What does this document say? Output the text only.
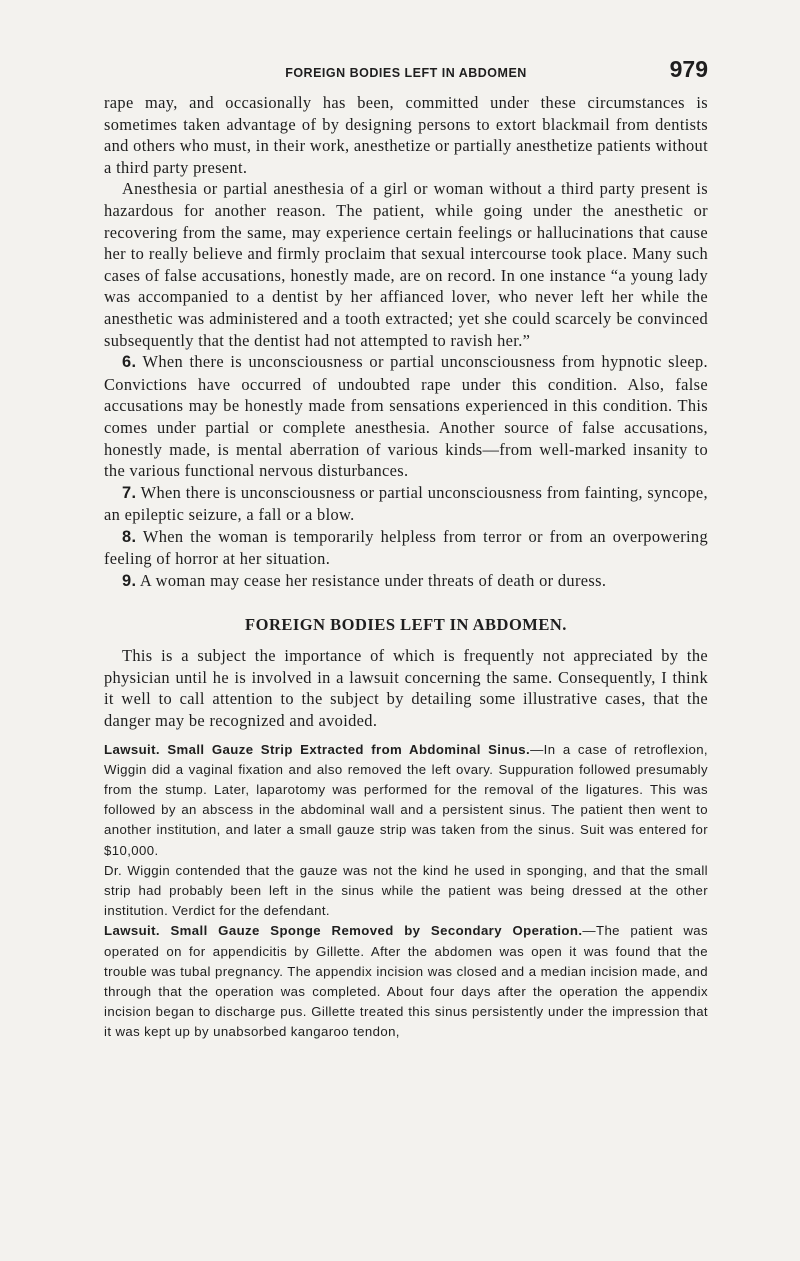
FOREIGN BODIES LEFT IN ABDOMEN	979

rape may, and occasionally has been, committed under these circumstances is sometimes taken advantage of by designing persons to extort blackmail from dentists and others who must, in their work, anesthetize or partially anesthetize patients without a third party present.

Anesthesia or partial anesthesia of a girl or woman without a third party present is hazardous for another reason. The patient, while going under the anesthetic or recovering from the same, may experience certain feelings or hallucinations that cause her to really believe and firmly proclaim that sexual intercourse took place. Many such cases of false accusations, honestly made, are on record. In one instance “a young lady was accompanied to a dentist by her affianced lover, who never left her while the anesthetic was administered and a tooth extracted; yet she could scarcely be convinced subsequently that the dentist had not attempted to ravish her.”

6. When there is unconsciousness or partial unconsciousness from hypnotic sleep. Convictions have occurred of undoubted rape under this condition. Also, false accusations may be honestly made from sensations experienced in this condition. This comes under partial or complete anesthesia. Another source of false accusations, honestly made, is mental aberration of various kinds—from well-marked insanity to the various functional nervous disturbances.

7. When there is unconsciousness or partial unconsciousness from fainting, syncope, an epileptic seizure, a fall or a blow.

8. When the woman is temporarily helpless from terror or from an overpowering feeling of horror at her situation.

9. A woman may cease her resistance under threats of death or duress.

FOREIGN BODIES LEFT IN ABDOMEN.

This is a subject the importance of which is frequently not appreciated by the physician until he is involved in a lawsuit concerning the same. Consequently, I think it well to call attention to the subject by detailing some illustrative cases, that the danger may be recognized and avoided.

Lawsuit. Small Gauze Strip Extracted from Abdominal Sinus.—In a case of retroflexion, Wiggin did a vaginal fixation and also removed the left ovary. Suppuration followed presumably from the stump. Later, laparotomy was performed for the removal of the ligatures. This was followed by an abscess in the abdominal wall and a persistent sinus. The patient then went to another institution, and later a small gauze strip was taken from the sinus. Suit was entered for $10,000.

Dr. Wiggin contended that the gauze was not the kind he used in sponging, and that the small strip had probably been left in the sinus while the patient was being dressed at the other institution. Verdict for the defendant.

Lawsuit. Small Gauze Sponge Removed by Secondary Operation.—The patient was operated on for appendicitis by Gillette. After the abdomen was open it was found that the trouble was tubal pregnancy. The appendix incision was closed and a median incision made, and through that the operation was completed. About four days after the operation the appendix incision began to discharge pus. Gillette treated this sinus persistently under the impression that it was kept up by unabsorbed kangaroo tendon,
